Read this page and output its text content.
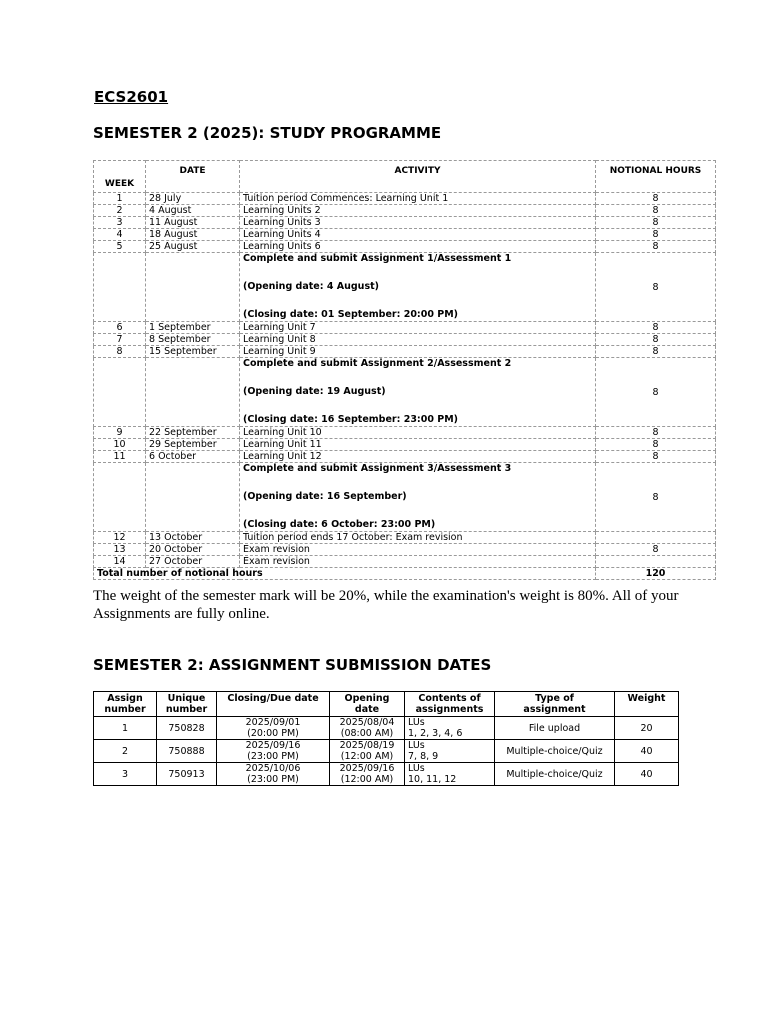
ECS2601
SEMESTER 2 (2025): STUDY PROGRAMME
WEEK	DATE	ACTIVITY	NOTIONAL HOURS
1	28 July	Tuition period Commences: Learning Unit 1	8
2	4 August	Learning Units 2	8
3	11 August	Learning Units 3	8
4	18 August	Learning Units 4	8
5	25 August	Learning Units 6	8

		Complete and submit Assignment 1/Assessment 1
(Opening date: 4 August)
(Closing date: 01 September: 20:00 PM)	8
6	1 September	Learning Unit 7	8
7	8 September	Learning Unit 8	8
8	15 September	Learning Unit 9	8

		Complete and submit Assignment 2/Assessment 2
(Opening date: 19 August)
(Closing date: 16 September: 23:00 PM)	8
9	22 September	Learning Unit 10	8
10	29 September	Learning Unit 11	8
11	6 October	Learning Unit 12	8

		Complete and submit Assignment 3/Assessment 3
(Opening date: 16 September)
(Closing date: 6 October: 23:00 PM)	8
12	13 October	Tuition period ends 17 October: Exam revision	
13	20 October	Exam revision	8
14	27 October	Exam revision	
Total number of notional hours			120

The weight of the semester mark will be 20%, while the examination's weight is 80%. All of your Assignments are fully online.

SEMESTER 2: ASSIGNMENT SUBMISSION DATES
Assign
number	Unique
number	Closing/Due date	Opening
date	Contents of
assignments	Type of
assignment	Weight

1	750828	2025/09/01
(20:00 PM)	2025/08/04
(08:00 AM)	LUs
1, 2, 3, 4, 6	File upload	20
2	750888	2025/09/16
(23:00 PM)	2025/08/19
(12:00 AM)	LUs
7, 8, 9	Multiple-choice/Quiz	40
3	750913	2025/10/06
(23:00 PM)	2025/09/16
(12:00 AM)	LUs
10, 11, 12	Multiple-choice/Quiz	40
